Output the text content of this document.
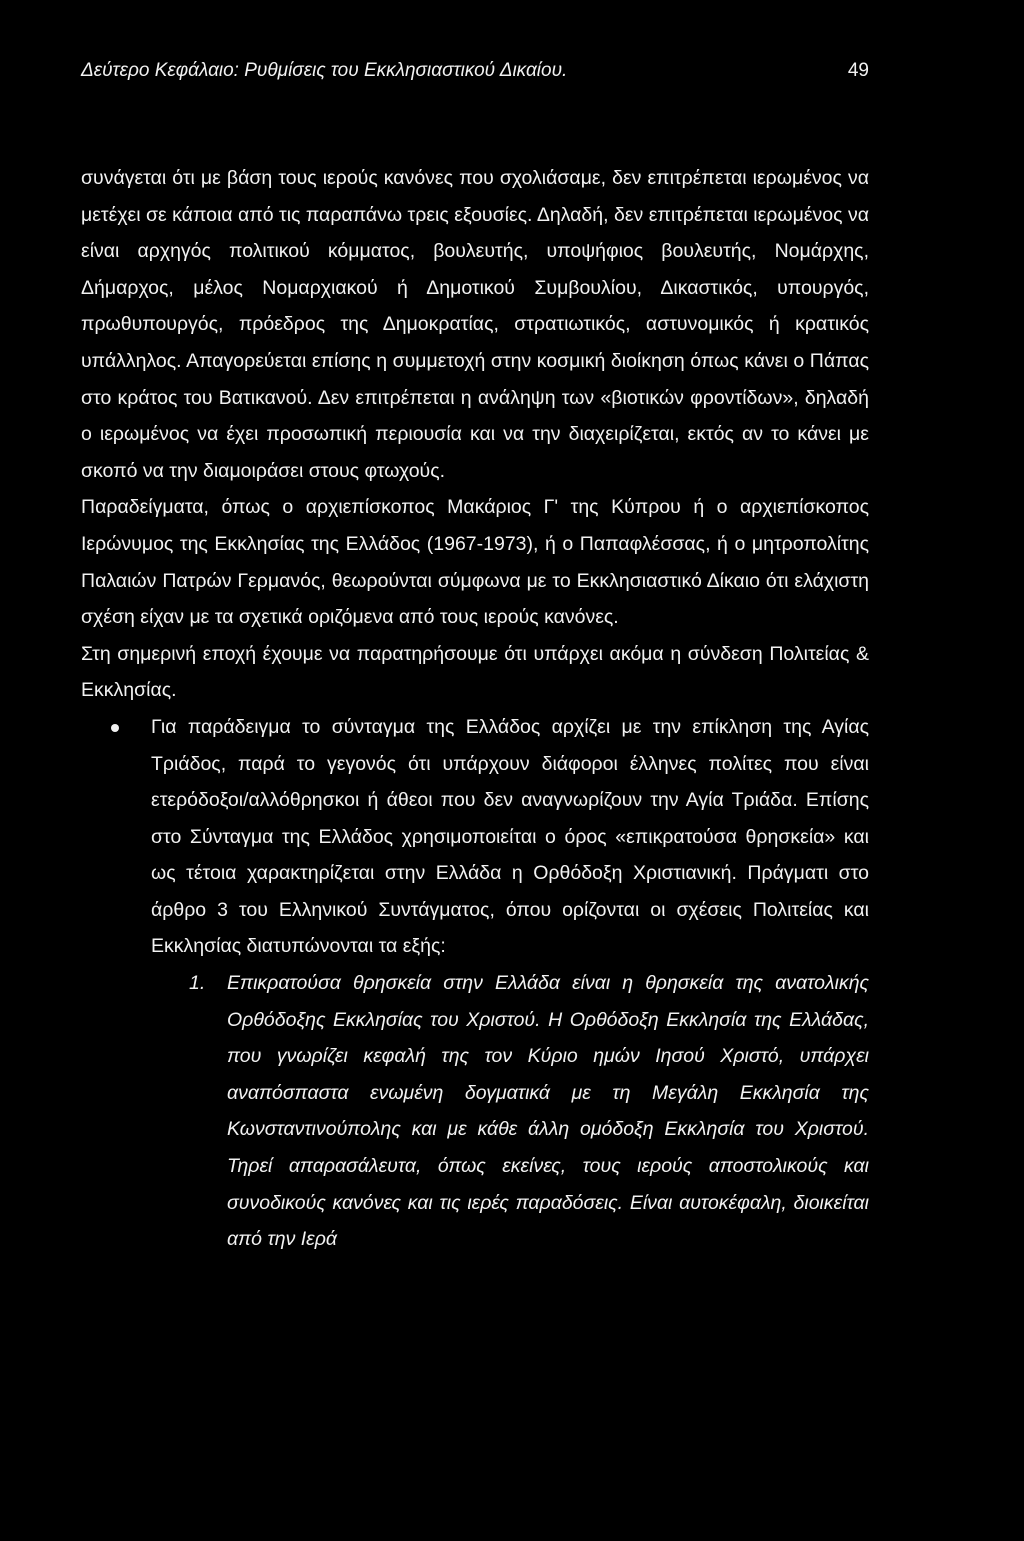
Δεύτερο Κεφάλαιο: Ρυθμίσεις του Εκκλησιαστικού Δικαίου.	49

συνάγεται ότι με βάση τους ιερούς κανόνες που σχολιάσαμε, δεν επιτρέπεται ιερωμένος να μετέχει σε κάποια από τις παραπάνω τρεις εξουσίες. Δηλαδή, δεν επιτρέπεται ιερωμένος να είναι αρχηγός πολιτικού κόμματος, βουλευτής, υποψήφιος βουλευτής, Νομάρχης, Δήμαρχος, μέλος Νομαρχιακού ή Δημοτικού Συμβουλίου, Δικαστικός, υπουργός, πρωθυπουργός, πρόεδρος της Δημοκρατίας, στρατιωτικός, αστυνομικός ή κρατικός υπάλληλος. Απαγορεύεται επίσης η συμμετοχή στην κοσμική διοίκηση όπως κάνει ο Πάπας στο κράτος του Βατικανού. Δεν επιτρέπεται η ανάληψη των «βιοτικών φροντίδων», δηλαδή ο ιερωμένος να έχει προσωπική περιουσία και να την διαχειρίζεται, εκτός αν το κάνει με σκοπό να την διαμοιράσει στους φτωχούς.

Παραδείγματα, όπως ο αρχιεπίσκοπος Μακάριος Γ' της Κύπρου ή ο αρχιεπίσκοπος Ιερώνυμος της Εκκλησίας της Ελλάδος (1967-1973), ή ο Παπαφλέσσας, ή ο μητροπολίτης Παλαιών Πατρών Γερμανός, θεωρούνται σύμφωνα με το Εκκλησιαστικό Δίκαιο ότι ελάχιστη σχέση είχαν με τα σχετικά οριζόμενα από τους ιερούς κανόνες.

Στη σημερινή εποχή έχουμε να παρατηρήσουμε ότι υπάρχει ακόμα η σύνδεση Πολιτείας & Εκκλησίας.

Για παράδειγμα το σύνταγμα της Ελλάδος αρχίζει με την επίκληση της Αγίας Τριάδος, παρά το γεγονός ότι υπάρχουν διάφοροι έλληνες πολίτες που είναι ετερόδοξοι/αλλόθρησκοι ή άθεοι που δεν αναγνωρίζουν την Αγία Τριάδα. Επίσης στο Σύνταγμα της Ελλάδος χρησιμοποιείται ο όρος «επικρατούσα θρησκεία» και ως τέτοια χαρακτηρίζεται στην Ελλάδα η Ορθόδοξη Χριστιανική. Πράγματι στο άρθρο 3 του Ελληνικού Συντάγματος, όπου ορίζονται οι σχέσεις Πολιτείας και Εκκλησίας διατυπώνονται τα εξής:
1. Επικρατούσα θρησκεία στην Ελλάδα είναι η θρησκεία της ανατολικής Ορθόδοξης Εκκλησίας του Χριστού. Η Ορθόδοξη Εκκλησία της Ελλάδας, που γνωρίζει κεφαλή της τον Κύριο ημών Ιησού Χριστό, υπάρχει αναπόσπαστα ενωμένη δογματικά με τη Μεγάλη Εκκλησία της Κωνσταντινούπολης και με κάθε άλλη ομόδοξη Εκκλησία του Χριστού. Τηρεί απαρασάλευτα, όπως εκείνες, τους ιερούς αποστολικούς και συνοδικούς κανόνες και τις ιερές παραδόσεις. Είναι αυτοκέφαλη, διοικείται από την Ιερά
